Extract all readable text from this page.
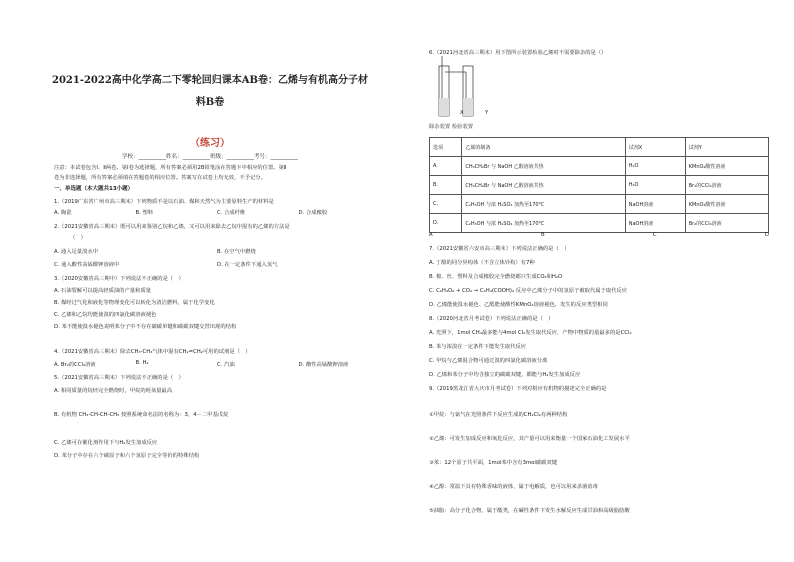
2021-2022高中化学高二下零轮回归课本AB卷：乙烯与有机高分子材
料B卷
（练习）
学校：__________姓名：__________班级：__________考号：__________
注意：本试卷包含Ⅰ、Ⅱ两卷。第Ⅰ卷为选择题，所有答案必须用2B铅笔涂在答题卡中相应的位置。第Ⅱ
卷为非选择题，所有答案必须填在答题卷的相应位置。答案写在试卷上均无效，不予记分。
一、单选题（本大题共13小题）
1.（2019广东省广州市高三期末）下列物质不是以石油、煤和天然气为主要原料生产的材料是
A. 陶瓷	B. 塑料	C. 合成纤维	D. 合成橡胶
2.（2021安徽省高三期末）既可以用来鉴别乙烷和乙烯，又可以用来除去乙烷中混有的乙烯的方法是
（　）
A. 通入足量溴水中	B. 在空气中燃烧
C. 通入酸性高锰酸钾溶液中	D. 在一定条件下通入氢气
3.（2020安徽省高三期中）下列说法不正确的是（　）
A. 石油裂解可以提高轻质油的产量和质量
B. 煤经过气化和液化等物理变化可以转化为清洁燃料，属于化学变化
C. 乙烯和乙烷均能使溴的四氯化碳溶液褪色
D. 苯不能使溴水褪色说明苯分子中不存在碳碳单键和碳碳双键交替出现的结构
4.（2021安徽省高三期末）除去CH₃-CH₃气体中混有CH₂=CH₂可用的试剂是（　）
A. Br₂的CCl₄溶液	B. H₂	C. 汽油	D. 酸性高锰酸钾溶液
5.（2021安徽省高三期末）下列说法不正确的是（　）
A. 相同质量的烷烃完全燃烧时，甲烷的耗氧量最高
B. 有机物 CH₃-CH-CH-CH₃ 按照系统命名法的名称为：3，4－二甲基戊烷
C. 乙烯可在催化剂作用下与H₂发生加成反应
D. 苯分子中存在六个碳原子和六个氢原子完全等价的特殊结构
6.（2021河北省高三期末）用下图所示装置检验乙烯时不需要除杂的是（）
X	Y
除杂装置 检验装置
选项	乙烯的制备	试剂X	试剂Y
A.	CH₃CH₂Br 与 NaOH 乙醇溶液共热	H₂O	KMnO₄酸性溶液
B.	CH₃CH₂Br 与 NaOH 乙醇溶液共热	H₂O	Br₂的CCl₄溶液
C.	C₂H₅OH 与浓 H₂SO₄ 加热至170℃	NaOH溶液	KMnO₄酸性溶液
D.	C₂H₅OH 与浓 H₂SO₄ 加热至170℃	NaOH溶液	Br₂的CCl₄溶液
A	B	C	D
7.（2021安徽省六安市高三期末）下列说法正确的是（　）
A. 丁醇的同分异构体（不含立体异构）有7种
B. 棉、丝、塑料及合成橡胶完全燃烧都只生成CO₂和H₂O
C. C₂H₄O₂ + CO₂ → C₂H₄(COOH)₂ 反应中乙烯分子中的氢原子被取代属于取代反应
D. 乙烯能使溴水褪色、乙醛能使酸性KMnO₄溶液褪色，发生的反应类型相同
8.（2020河北省月考试卷）下列说法正确的是（　）
A. 光照下，1mol CH₄最多能与4mol Cl₂发生取代反应，产物中物质的量最多的是CCl₄
B. 苯与浓溴在一定条件下能发生取代反应
C. 甲烷与乙烯混合物可通过溴的四氯化碳溶液分离
D. 乙烯和苯分子中均含独立的碳碳双键，都能与H₂发生加成反应
9.（2019黑龙江省大庆市月考试卷）下列对相应有机物的描述完全正确的是
①甲烷：与氯气在光照条件下反应生成的CH₂Cl₂有两种结构
②乙烯：可发生加成反应和氧化反应，其产量可以用来衡量一个国家石油化工发展水平
③苯：12个原子共平面，1mol苯中含有3mol碳碳双键
④乙醇：常温下具有特殊香味的液体，属于电解质，也可以用来杀菌消毒
⑤油脂：高分子化合物，属于酯类，在碱性条件下发生水解反应生成甘油和高级脂肪酸
